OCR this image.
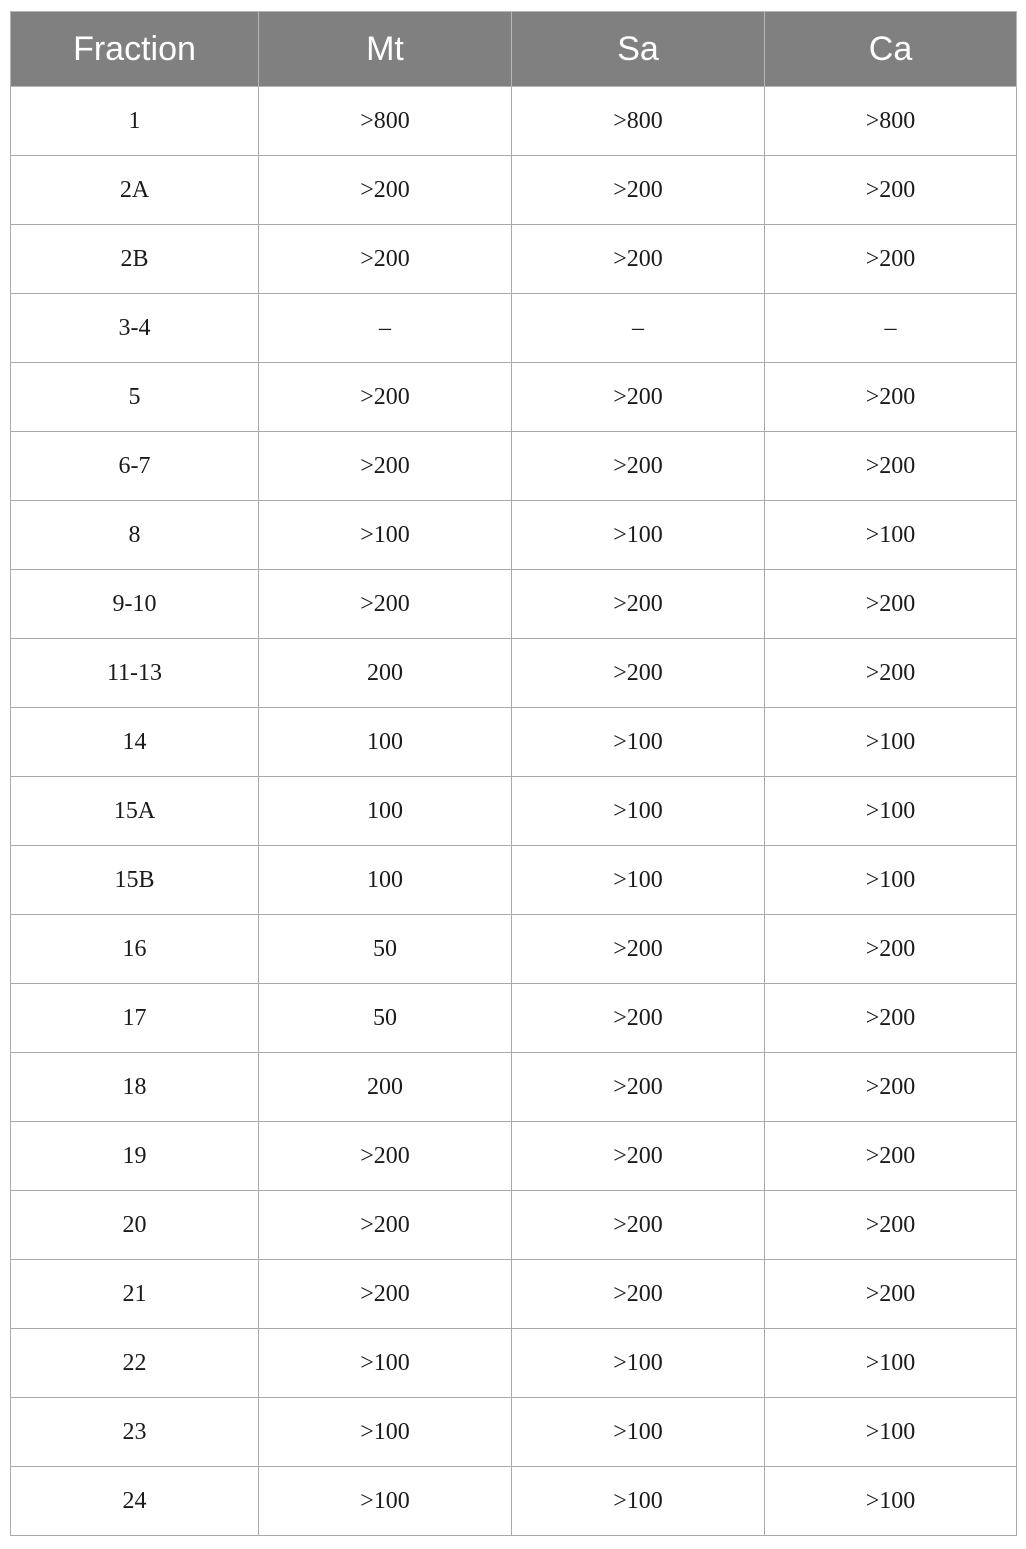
Fraction	Mt	Sa	Ca
1	>800	>800	>800
2A	>200	>200	>200
2B	>200	>200	>200
3-4	–	–	–
5	>200	>200	>200
6-7	>200	>200	>200
8	>100	>100	>100
9-10	>200	>200	>200
11-13	200	>200	>200
14	100	>100	>100
15A	100	>100	>100
15B	100	>100	>100
16	50	>200	>200
17	50	>200	>200
18	200	>200	>200
19	>200	>200	>200
20	>200	>200	>200
21	>200	>200	>200
22	>100	>100	>100
23	>100	>100	>100
24	>100	>100	>100
